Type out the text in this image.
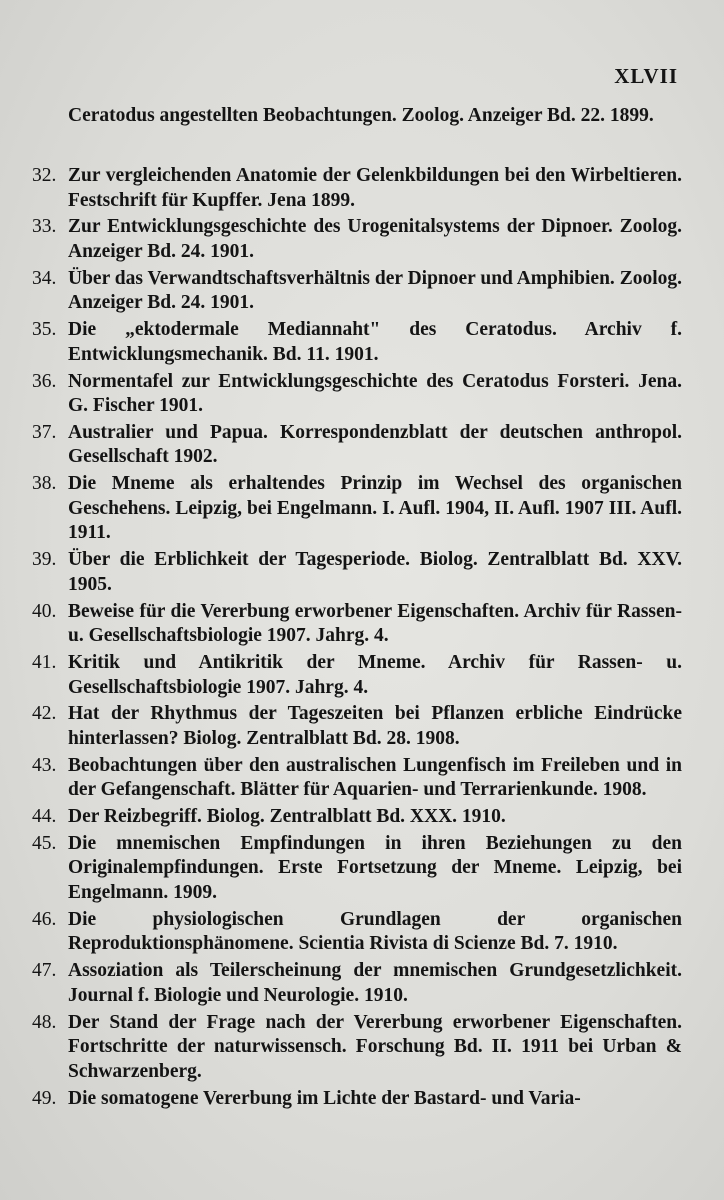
XLVII
Ceratodus angestellten Beobachtungen. Zoolog. Anzeiger Bd. 22. 1899.
32. Zur vergleichenden Anatomie der Gelenkbildungen bei den Wirbeltieren. Festschrift für Kupffer. Jena 1899.
33. Zur Entwicklungsgeschichte des Urogenitalsystems der Dipnoer. Zoolog. Anzeiger Bd. 24. 1901.
34. Über das Verwandtschaftsverhältnis der Dipnoer und Amphibien. Zoolog. Anzeiger Bd. 24. 1901.
35. Die „ektodermale Mediannaht" des Ceratodus. Archiv f. Entwicklungsmechanik. Bd. 11. 1901.
36. Normentafel zur Entwicklungsgeschichte des Ceratodus Forsteri. Jena. G. Fischer 1901.
37. Australier und Papua. Korrespondenzblatt der deutschen anthropol. Gesellschaft 1902.
38. Die Mneme als erhaltendes Prinzip im Wechsel des organischen Geschehens. Leipzig, bei Engelmann. I. Aufl. 1904, II. Aufl. 1907 III. Aufl. 1911.
39. Über die Erblichkeit der Tagesperiode. Biolog. Zentralblatt Bd. XXV. 1905.
40. Beweise für die Vererbung erworbener Eigenschaften. Archiv für Rassen- u. Gesellschaftsbiologie 1907. Jahrg. 4.
41. Kritik und Antikritik der Mneme. Archiv für Rassen- u. Gesellschaftsbiologie 1907. Jahrg. 4.
42. Hat der Rhythmus der Tageszeiten bei Pflanzen erbliche Eindrücke hinterlassen? Biolog. Zentralblatt Bd. 28. 1908.
43. Beobachtungen über den australischen Lungenfisch im Freileben und in der Gefangenschaft. Blätter für Aquarien- und Terrarienkunde. 1908.
44. Der Reizbegriff. Biolog. Zentralblatt Bd. XXX. 1910.
45. Die mnemischen Empfindungen in ihren Beziehungen zu den Originalempfindungen. Erste Fortsetzung der Mneme. Leipzig, bei Engelmann. 1909.
46. Die physiologischen Grundlagen der organischen Reproduktionsphänomene. Scientia Rivista di Scienze Bd. 7. 1910.
47. Assoziation als Teilerscheinung der mnemischen Grundgesetzlichkeit. Journal f. Biologie und Neurologie. 1910.
48. Der Stand der Frage nach der Vererbung erworbener Eigenschaften. Fortschritte der naturwissensch. Forschung Bd. II. 1911 bei Urban & Schwarzenberg.
49. Die somatogene Vererbung im Lichte der Bastard- und Varia-
